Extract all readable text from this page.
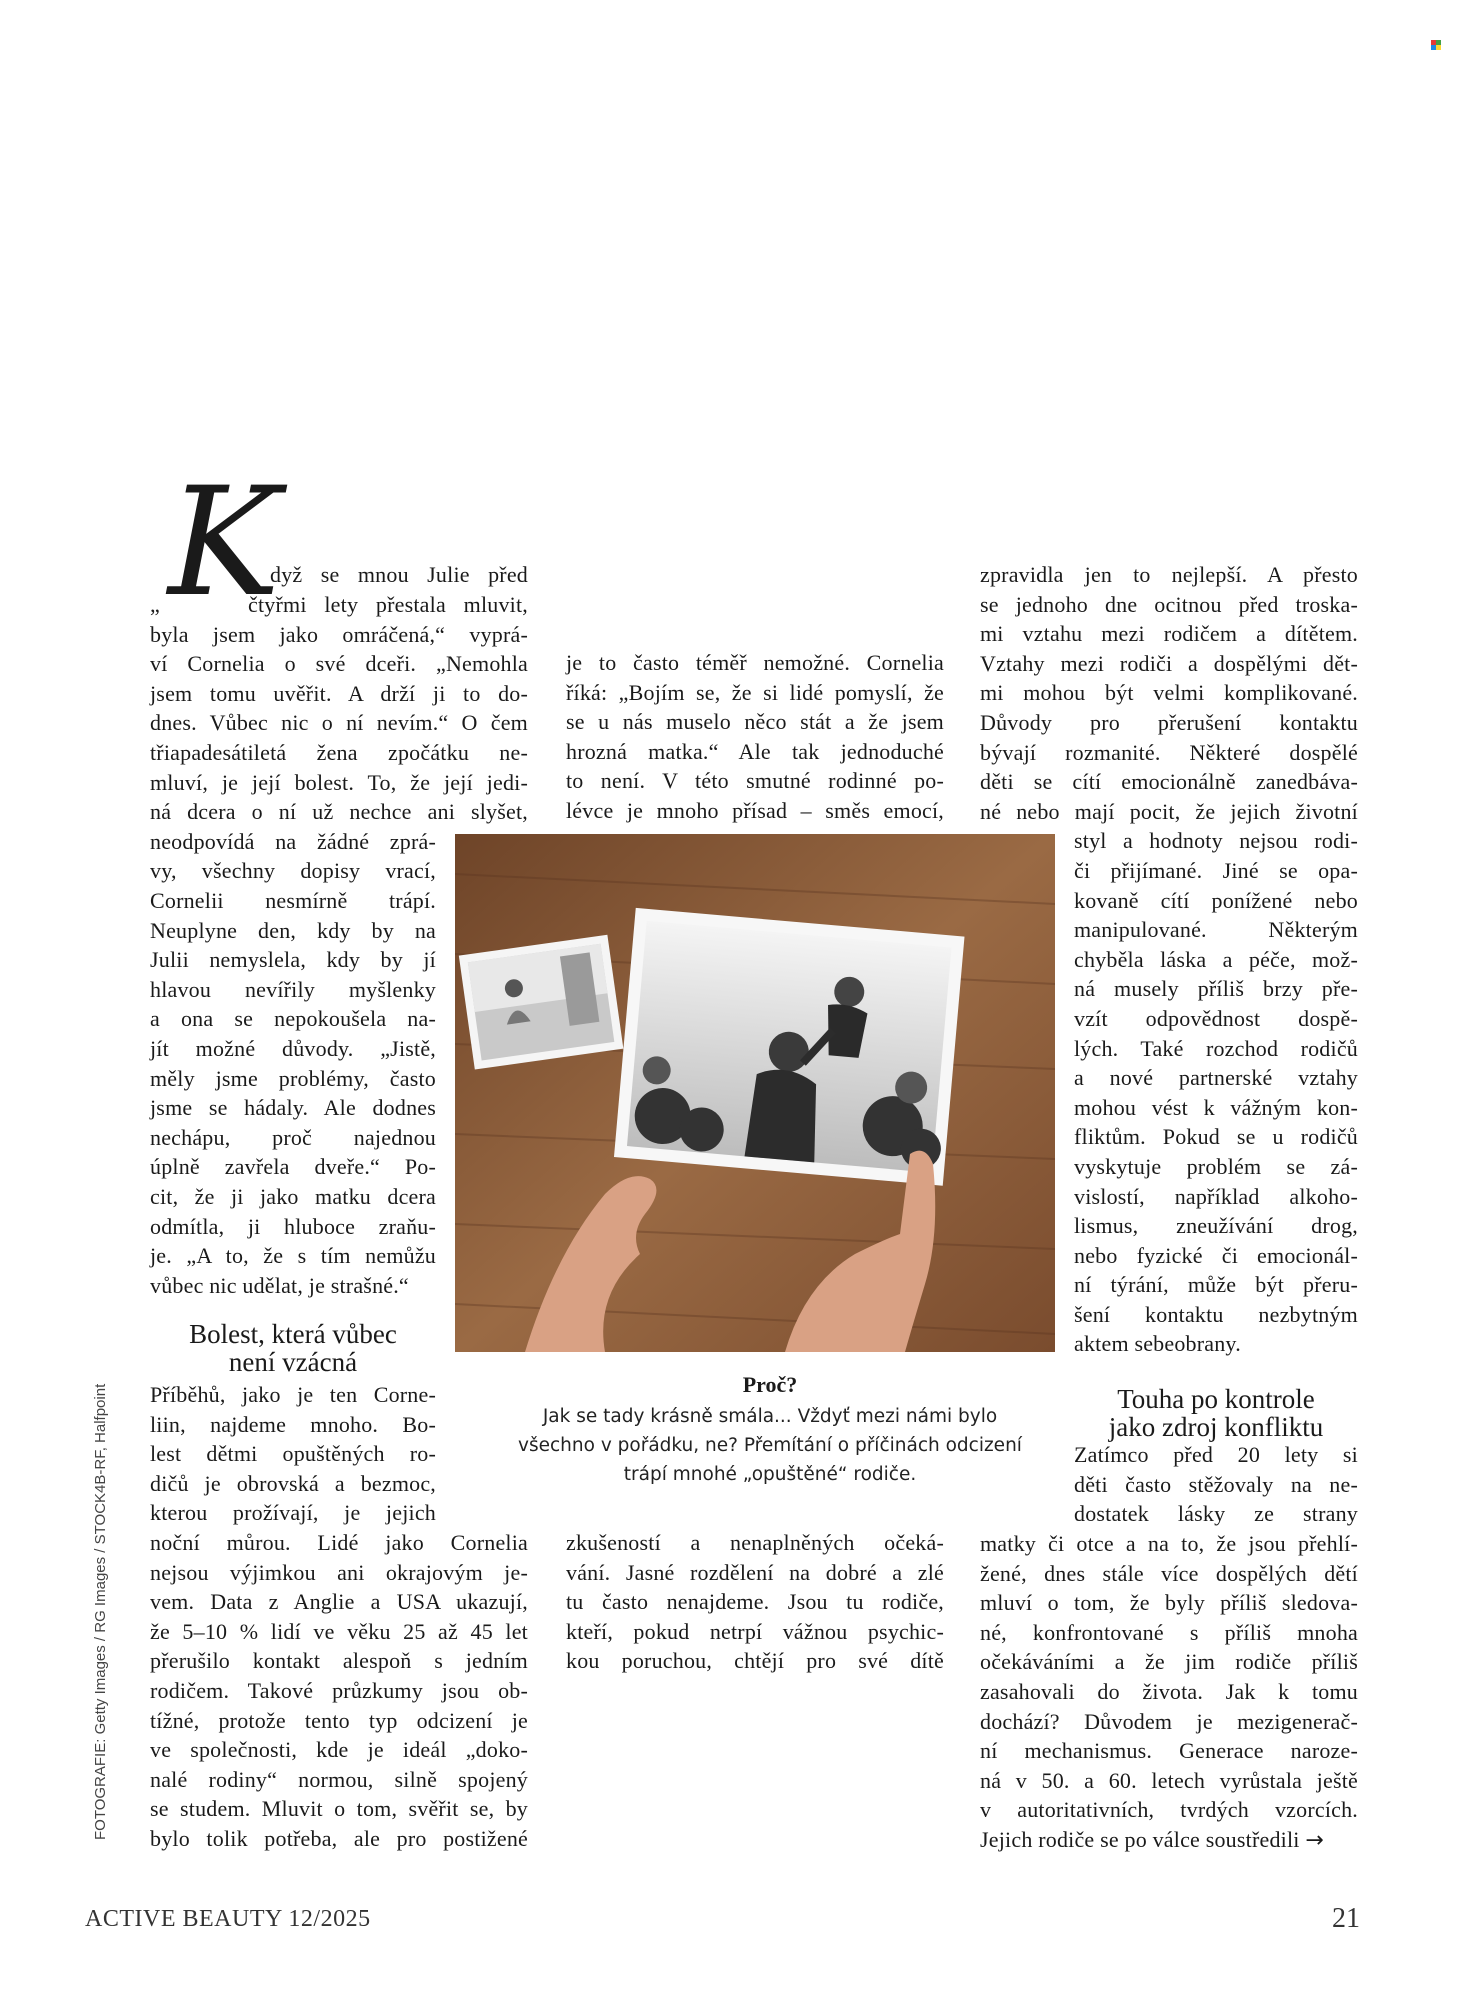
K
dyž se mnou Julie před
„	čtyřmi lety přestala mluvit,
byla jsem jako omráčená,“ vyprá-
ví Cornelia o své dceři. „Nemohla
jsem tomu uvěřit. A drží ji to do-
dnes. Vůbec nic o ní nevím.“ O čem
třiapadesátiletá žena zpočátku ne-
mluví, je její bolest. To, že její jedi-
ná dcera o ní už nechce ani slyšet,
neodpovídá na žádné zprá-
vy, všechny dopisy vrací,
Cornelii nesmírně trápí.
Neuplyne den, kdy by na
Julii nemyslela, kdy by jí
hlavou nevířily myšlenky
a ona se nepokoušela na-
jít možné důvody. „Jistě,
měly jsme problémy, často
jsme se hádaly. Ale dodnes
nechápu, proč najednou
úplně zavřela dveře.“ Po-
cit, že ji jako matku dcera
odmítla, ji hluboce zraňu-
je. „A to, že s tím nemůžu
vůbec nic udělat, je strašné.“
Bolest, která vůbec
není vzácná
Příběhů, jako je ten Corne-
liin, najdeme mnoho. Bo-
lest dětmi opuštěných ro-
dičů je obrovská a bezmoc,
kterou prožívají, je jejich
noční můrou. Lidé jako Cornelia
nejsou výjimkou ani okrajovým je-
vem. Data z Anglie a USA ukazují,
že 5–10 % lidí ve věku 25 až 45 let
přerušilo kontakt alespoň s jedním
rodičem. Takové průzkumy jsou ob-
tížné, protože tento typ odcizení je
ve společnosti, kde je ideál „doko-
nalé rodiny“ normou, silně spojený
se studem. Mluvit o tom, svěřit se, by
bylo tolik potřeba, ale pro postižené
je to často téměř nemožné. Cornelia
říká: „Bojím se, že si lidé pomyslí, že
se u nás muselo něco stát a že jsem
hrozná matka.“ Ale tak jednoduché
to není. V této smutné rodinné po-
lévce je mnoho přísad – směs emocí,
Proč?
Jak se tady krásně smála... Vždyť mezi námi bylo
všechno v pořádku, ne? Přemítání o příčinách odcizení
trápí mnohé „opuštěné“ rodiče.
zkušeností a nenaplněných očeká-
vání. Jasné rozdělení na dobré a zlé
tu často nenajdeme. Jsou tu rodiče,
kteří, pokud netrpí vážnou psychic-
kou poruchou, chtějí pro své dítě
zpravidla jen to nejlepší. A přesto
se jednoho dne ocitnou před troska-
mi vztahu mezi rodičem a dítětem.
Vztahy mezi rodiči a dospělými dět-
mi mohou být velmi komplikované.
Důvody pro přerušení kontaktu
bývají rozmanité. Některé dospělé
děti se cítí emocionálně zanedbáva-
né nebo mají pocit, že jejich životní
styl a hodnoty nejsou rodi-
či přijímané. Jiné se opa-
kovaně cítí ponížené nebo
manipulované. Některým
chyběla láska a péče, mož-
ná musely příliš brzy pře-
vzít odpovědnost dospě-
lých. Také rozchod rodičů
a nové partnerské vztahy
mohou vést k vážným kon-
fliktům. Pokud se u rodičů
vyskytuje problém se zá-
vislostí, například alkoho-
lismus, zneužívání drog,
nebo fyzické či emocionál-
ní týrání, může být přeru-
šení kontaktu nezbytným
aktem sebeobrany.
Touha po kontrole
jako zdroj konfliktu
Zatímco před 20 lety si
děti často stěžovaly na ne-
dostatek lásky ze strany
matky či otce a na to, že jsou přehlí-
žené, dnes stále více dospělých dětí
mluví o tom, že byly příliš sledova-
né, konfrontované s příliš mnoha
očekáváními a že jim rodiče příliš
zasahovali do života. Jak k tomu
dochází? Důvodem je mezigenerač-
ní mechanismus. Generace narоze-
ná v 50. a 60. letech vyrůstala ještě
v autoritativních, tvrdých vzorcích.
Jejich rodiče se po válce soustředili →
FOTOGRAFIE: Getty Images / RG Images / STOCK4B-RF, Halfpoint
ACTIVE BEAUTY 12/2025	21
